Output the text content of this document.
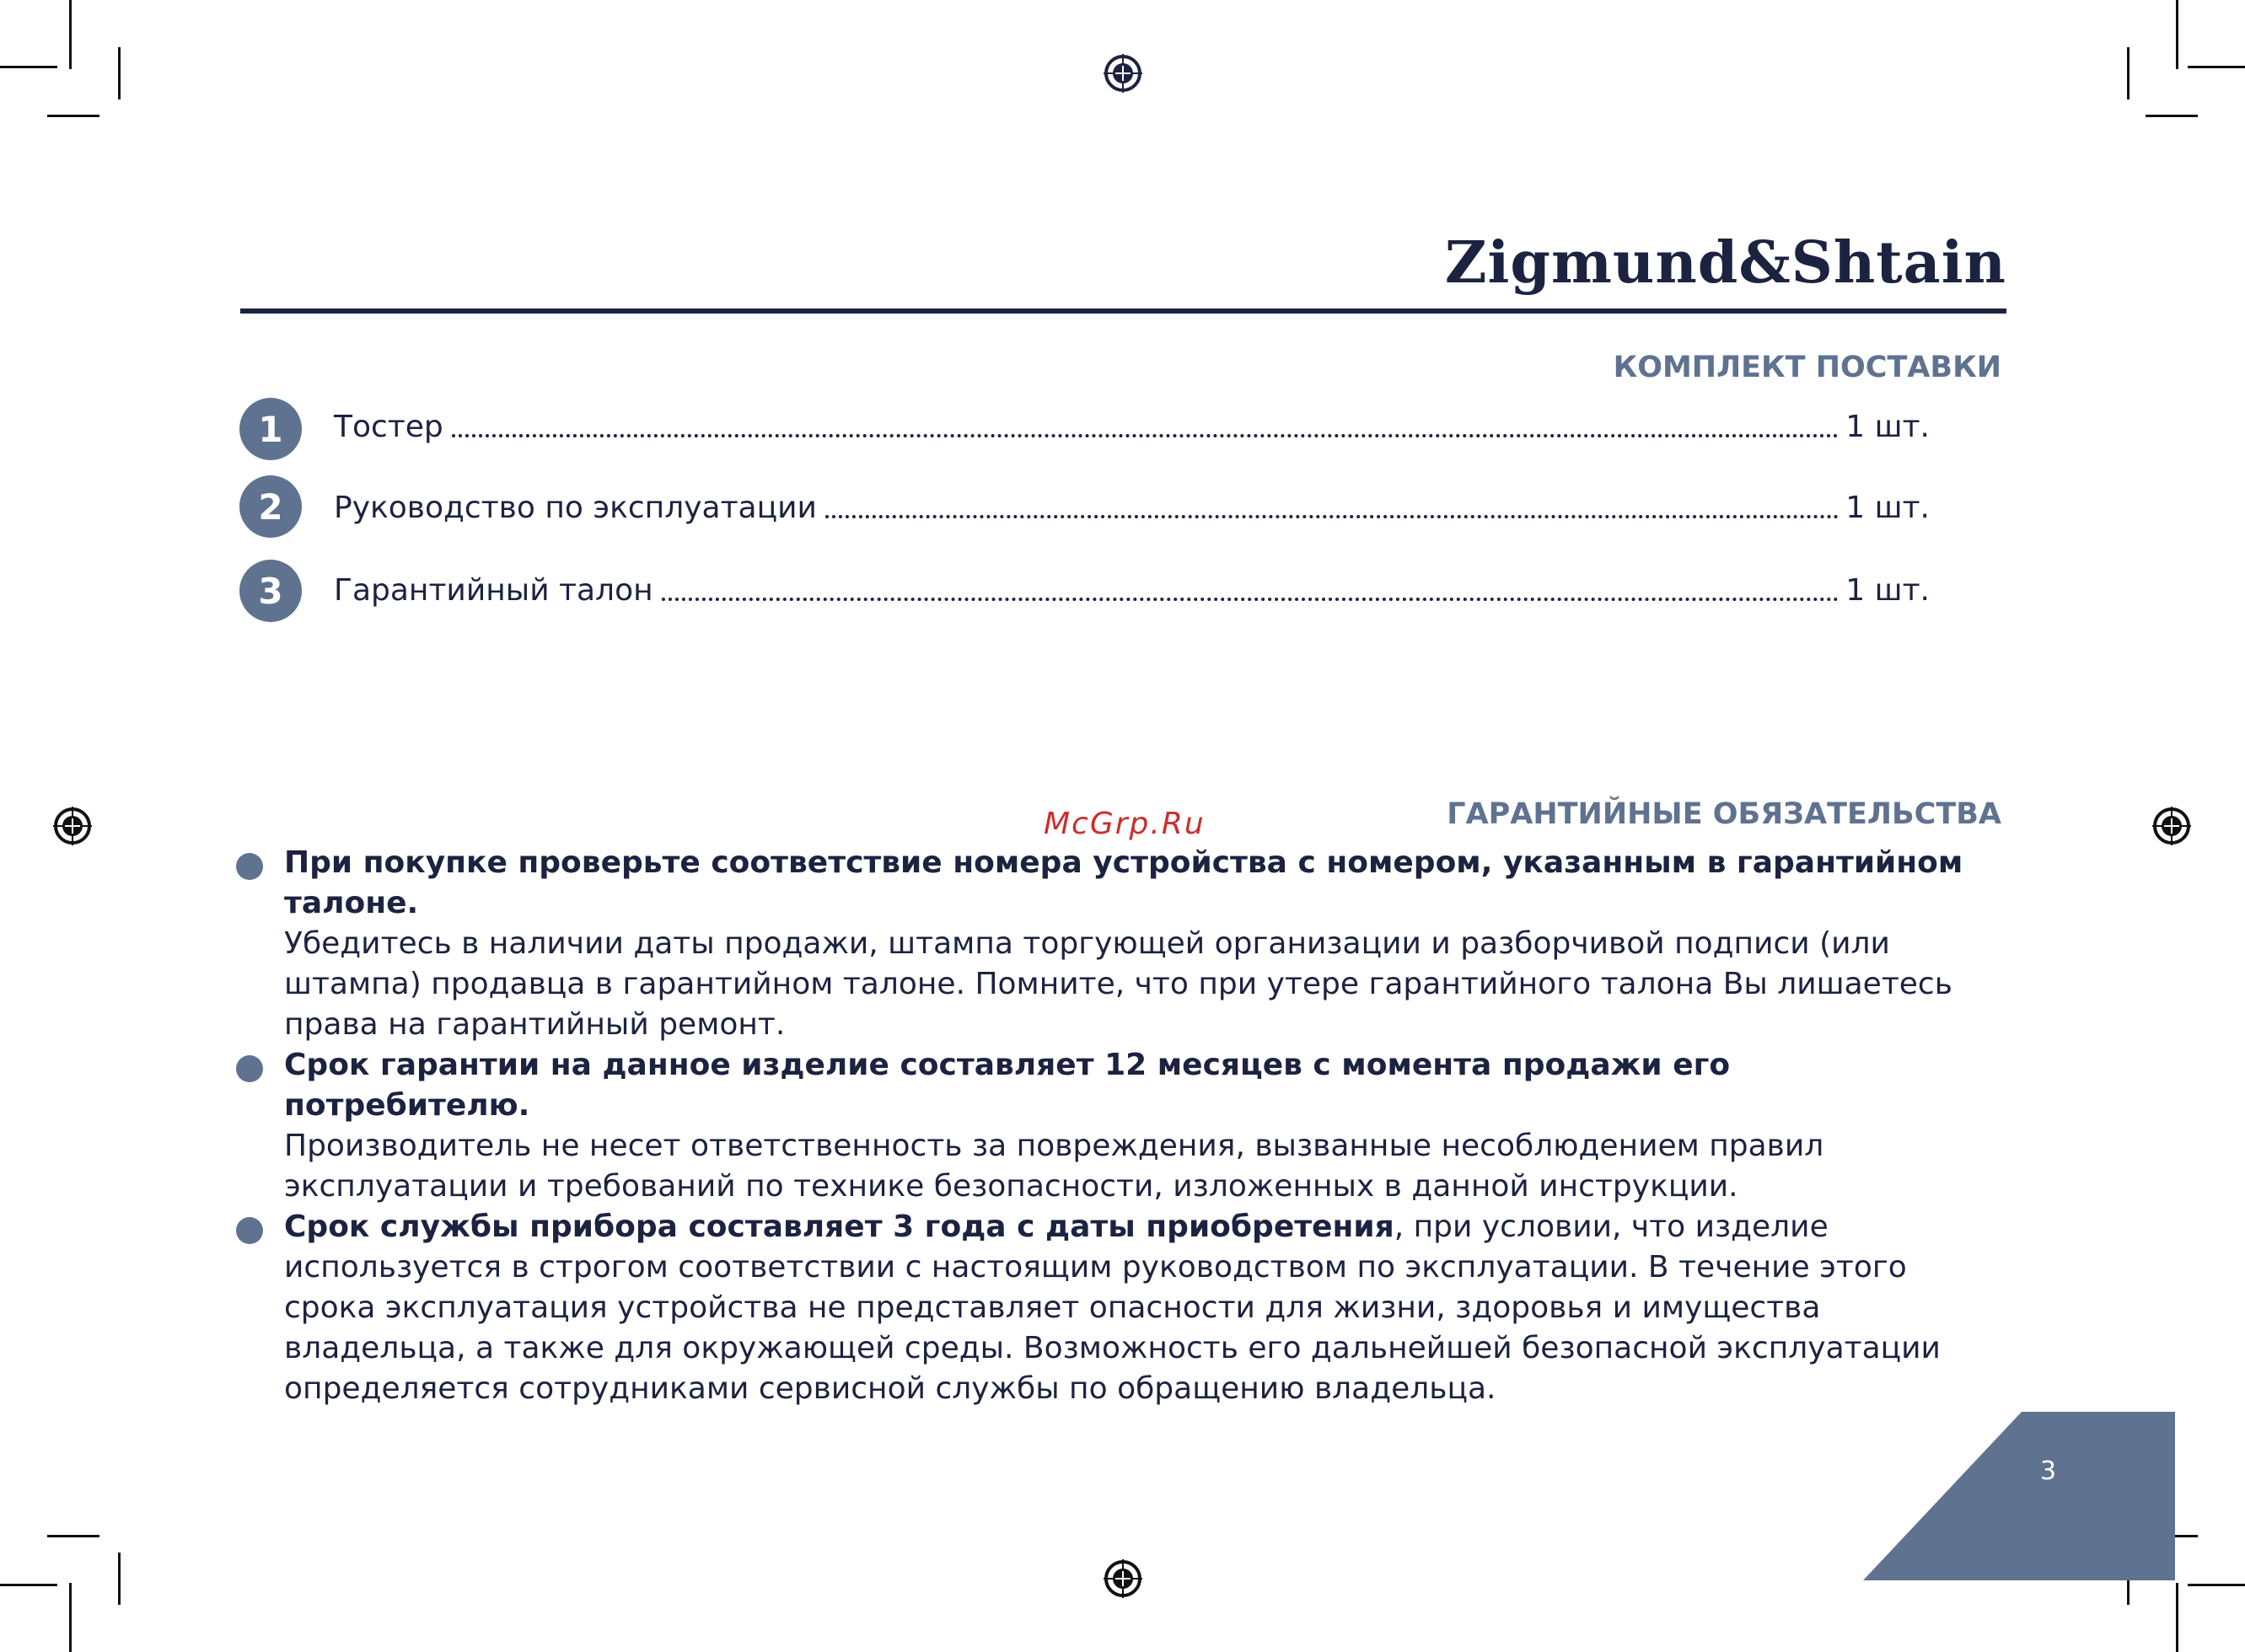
Zigmund&Shtain
КОМПЛЕКТ ПОСТАВКИ
1	Тостер	1 шт.
2	Руководство по эксплуатации	1 шт.
3	Гарантийный талон	1 шт.
ГАРАНТИЙНЫЕ ОБЯЗАТЕЛЬСТВА
McGrp.Ru
При покупке проверьте соответствие номера устройства с номером, указанным в гарантийном талоне.
Убедитесь в наличии даты продажи, штампа торгующей организации и разборчивой подписи (или штампа) продавца в гарантийном талоне. Помните, что при утере гарантийного талона Вы лишаетесь права на гарантийный ремонт.
Срок гарантии на данное изделие составляет 12 месяцев с момента продажи его потребителю.
Производитель не несет ответственность за повреждения, вызванные несоблюдением правил эксплуатации и требований по технике безопасности, изложенных в данной инструкции.
Срок службы прибора составляет 3 года с даты приобретения, при условии, что изделие используется в строгом соответствии с настоящим руководством по эксплуатации. В течение этого срока эксплуатация устройства не представляет опасности для жизни, здоровья и имущества владельца, а также для окружающей среды. Возможность его дальнейшей безопасной эксплуатации определяется сотрудниками сервисной службы по обращению владельца.
3
